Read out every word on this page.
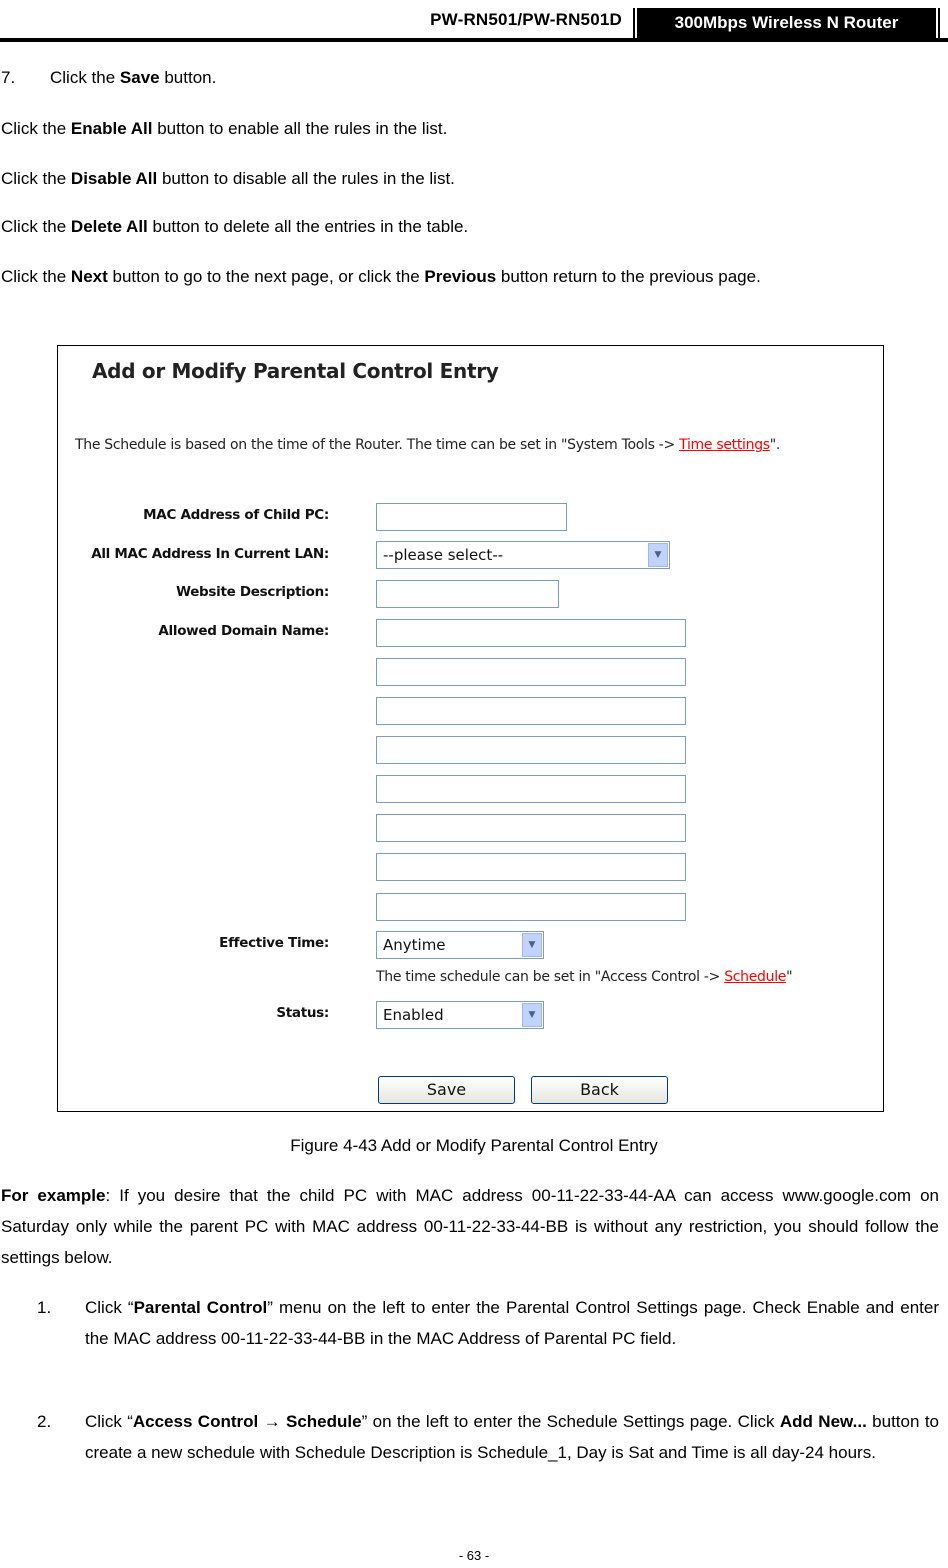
PW-RN501/PW-RN501D	300Mbps Wireless N Router
7. Click the Save button.
Click the Enable All button to enable all the rules in the list.
Click the Disable All button to disable all the rules in the list.
Click the Delete All button to delete all the entries in the table.
Click the Next button to go to the next page, or click the Previous button return to the previous page.
Add or Modify Parental Control Entry
The Schedule is based on the time of the Router. The time can be set in "System Tools -> Time settings".
MAC Address of Child PC:
All MAC Address In Current LAN:	--please select--	▼
Website Description:
Allowed Domain Name:
Effective Time:	Anytime	▼
The time schedule can be set in "Access Control -> Schedule"
Status:	Enabled	▼
Save	Back
Figure 4-43 Add or Modify Parental Control Entry
For example: If you desire that the child PC with MAC address 00-11-22-33-44-AA can access www.google.com on Saturday only while the parent PC with MAC address 00-11-22-33-44-BB is without any restriction, you should follow the settings below.
1. Click “Parental Control” menu on the left to enter the Parental Control Settings page. Check Enable and enter the MAC address 00-11-22-33-44-BB in the MAC Address of Parental PC field.
2. Click “Access Control → Schedule” on the left to enter the Schedule Settings page. Click Add New... button to create a new schedule with Schedule Description is Schedule_1, Day is Sat and Time is all day-24 hours.
- 63 -
